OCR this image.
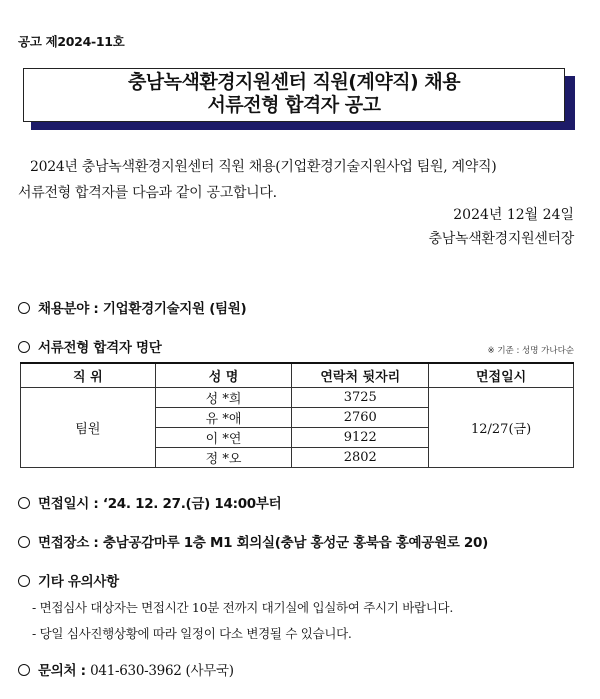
공고 제2024-11호
충남녹색환경지원센터 직원(계약직) 채용
서류전형 합격자 공고
2024년 충남녹색환경지원센터 직원 채용(기업환경기술지원사업 팀원, 계약직)
서류전형 합격자를 다음과 같이 공고합니다.
2024년 12월 24일
충남녹색환경지원센터장
채용분야 : 기업환경기술지원 (팀원)
서류전형 합격자 명단	※ 기준 : 성명 가나다순
직 위	성 명	연락처 뒷자리	면접일시
팀원	성 *희	3725	12/27(금)
	유 *애	2760	
	이 *연	9122	
	정 *오	2802	
면접일시 : ‘24. 12. 27.(금) 14:00부터
면접장소 : 충남공감마루 1층 M1 회의실(충남 홍성군 홍북읍 홍예공원로 20)
기타 유의사항
- 면접심사 대상자는 면접시간 10분 전까지 대기실에 입실하여 주시기 바랍니다.
- 당일 심사진행상황에 따라 일정이 다소 변경될 수 있습니다.
문의처 : 041-630-3962 (사무국)
